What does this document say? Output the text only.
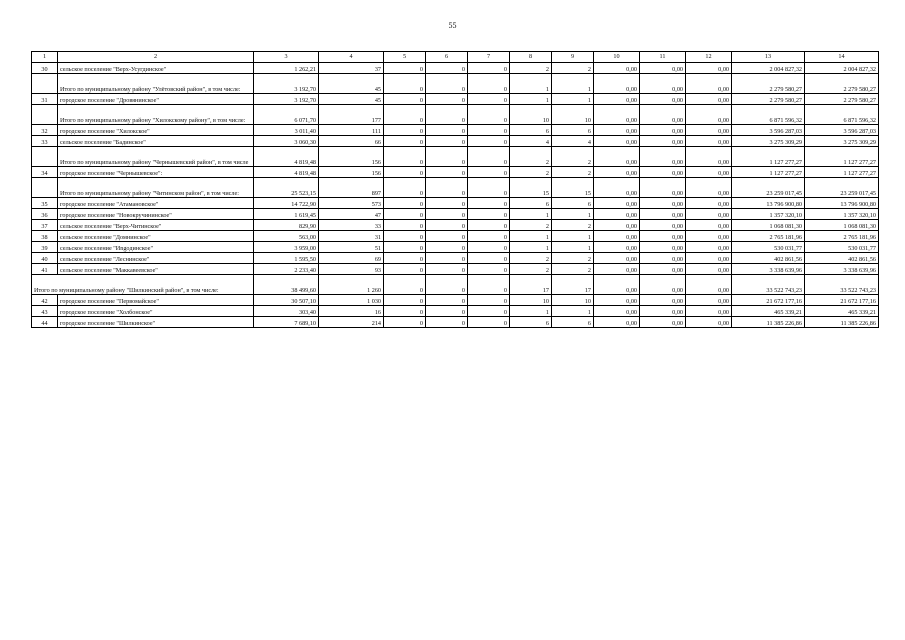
55
1	2	3	4	5	6	7	8	9	10	11	12	13	14
30	сельское поселение "Верх-Усугдинское"	1 262,21	37	0	0	0	2	2	0,00	0,00	0,00	2 004 827,32	2 004 827,32
	Итого по муниципальному району "Улётовский район", в том числе:	3 192,70	45	0	0	0	1	1	0,00	0,00	0,00	2 279 580,27	2 279 580,27
31	городское поселение "Дровянинское"	3 192,70	45	0	0	0	1	1	0,00	0,00	0,00	2 279 580,27	2 279 580,27
	Итого по муниципальному району "Хилокскому району", в том числе:	6 071,70	177	0	0	0	10	10	0,00	0,00	0,00	6 871 596,32	6 871 596,32
32	городское поселение "Хилокское"	3 011,40	111	0	0	0	6	6	0,00	0,00	0,00	3 596 287,03	3 596 287,03
33	сельское поселение "Бадинское"	3 060,30	66	0	0	0	4	4	0,00	0,00	0,00	3 275 309,29	3 275 309,29
	Итого по муниципальному району "Чернышевский район", в том числе	4 819,48	156	0	0	0	2	2	0,00	0,00	0,00	1 127 277,27	1 127 277,27
34	городское поселение "Чернышевское":	4 819,48	156	0	0	0	2	2	0,00	0,00	0,00	1 127 277,27	1 127 277,27
	Итого по муниципальному району "Читинском район", в том числе:	25 523,15	897	0	0	0	15	15	0,00	0,00	0,00	23 259 017,45	23 259 017,45
35	городское поселение "Атамановское"	14 722,90	573	0	0	0	6	6	0,00	0,00	0,00	13 796 900,80	13 796 900,80
36	городское поселение "Новокручининское"	1 619,45	47	0	0	0	1	1	0,00	0,00	0,00	1 357 320,10	1 357 320,10
37	сельское поселение "Верх-Читинское"	829,90	33	0	0	0	2	2	0,00	0,00	0,00	1 068 081,30	1 068 081,30
38	сельское поселение "Домнинское"	563,00	31	0	0	0	1	1	0,00	0,00	0,00	2 765 181,96	2 765 181,96
39	сельское поселение "Иngодинское"	3 959,00	51	0	0	0	1	1	0,00	0,00	0,00	530 031,77	530 031,77
40	сельское поселение "Леснинское"	1 595,50	69	0	0	0	2	2	0,00	0,00	0,00	402 861,56	402 861,56
41	сельское поселение "Маккавеевское"	2 233,40	93	0	0	0	2	2	0,00	0,00	0,00	3 338 639,96	3 338 639,96
Итого по муниципальному району "Шилкинский район", в том числе:		38 499,60	1 260	0	0	0	17	17	0,00	0,00	0,00	33 522 743,23	33 522 743,23
42	городское поселение "Первомайское"	30 507,10	1 030	0	0	0	10	10	0,00	0,00	0,00	21 672 177,16	21 672 177,16
43	городское поселение "Холбонское"	303,40	16	0	0	0	1	1	0,00	0,00	0,00	465 339,21	465 339,21
44	городское поселение "Шилкинское"	7 689,10	214	0	0	0	6	6	0,00	0,00	0,00	11 385 226,86	11 385 226,86
